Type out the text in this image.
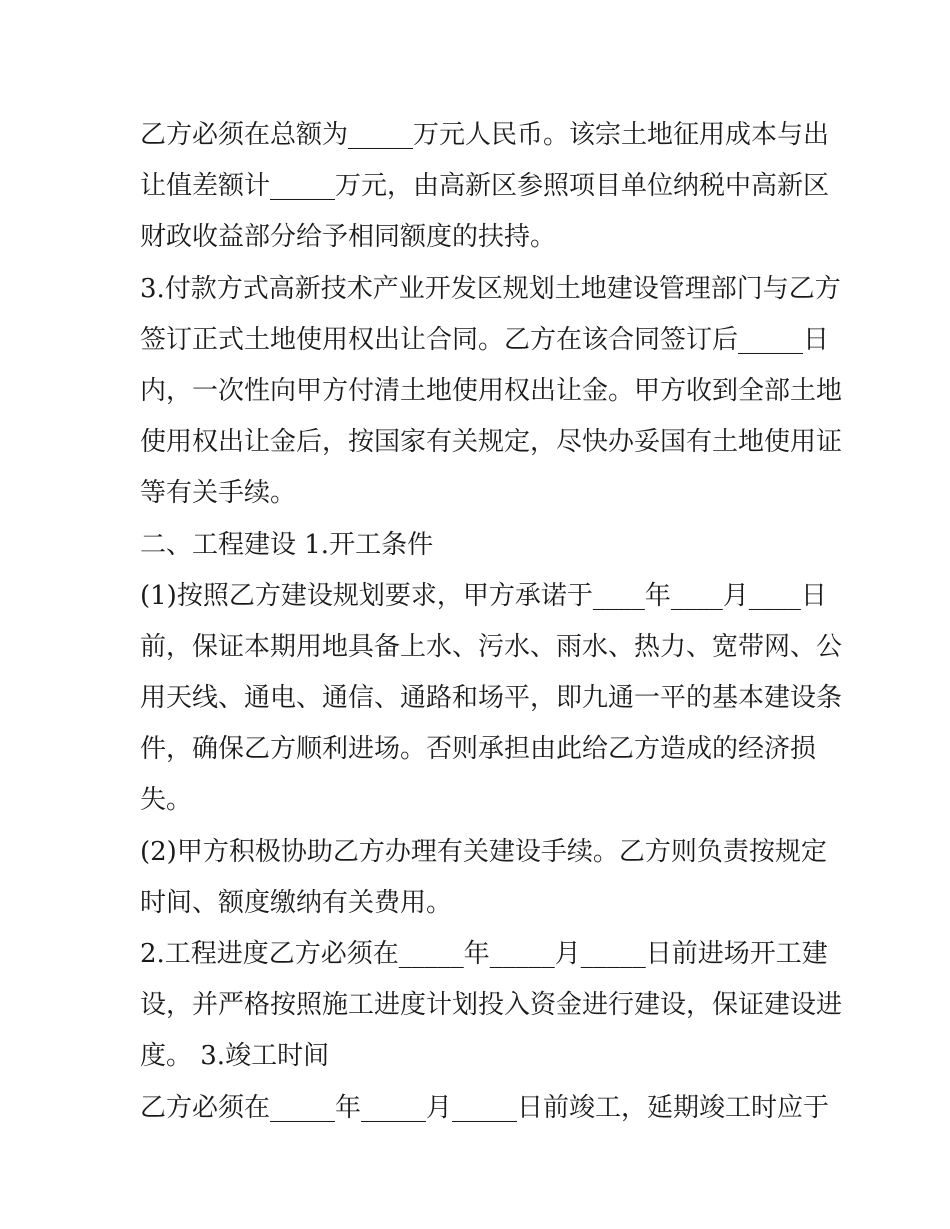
乙方必须在总额为_____万元人民币。该宗土地征用成本与出
让值差额计_____万元，由高新区参照项目单位纳税中高新区
财政收益部分给予相同额度的扶持。
3.付款方式高新技术产业开发区规划土地建设管理部门与乙方
签订正式土地使用权出让合同。乙方在该合同签订后_____日
内，一次性向甲方付清土地使用权出让金。甲方收到全部土地
使用权出让金后，按国家有关规定，尽快办妥国有土地使用证
等有关手续。
二、工程建设 1.开工条件
(1)按照乙方建设规划要求，甲方承诺于____年____月____日
前，保证本期用地具备上水、污水、雨水、热力、宽带网、公
用天线、通电、通信、通路和场平，即九通一平的基本建设条
件，确保乙方顺利进场。否则承担由此给乙方造成的经济损
失。
(2)甲方积极协助乙方办理有关建设手续。乙方则负责按规定
时间、额度缴纳有关费用。
2.工程进度乙方必须在_____年_____月_____日前进场开工建
设，并严格按照施工进度计划投入资金进行建设，保证建设进
度。 3.竣工时间
乙方必须在_____年_____月_____日前竣工，延期竣工时应于
